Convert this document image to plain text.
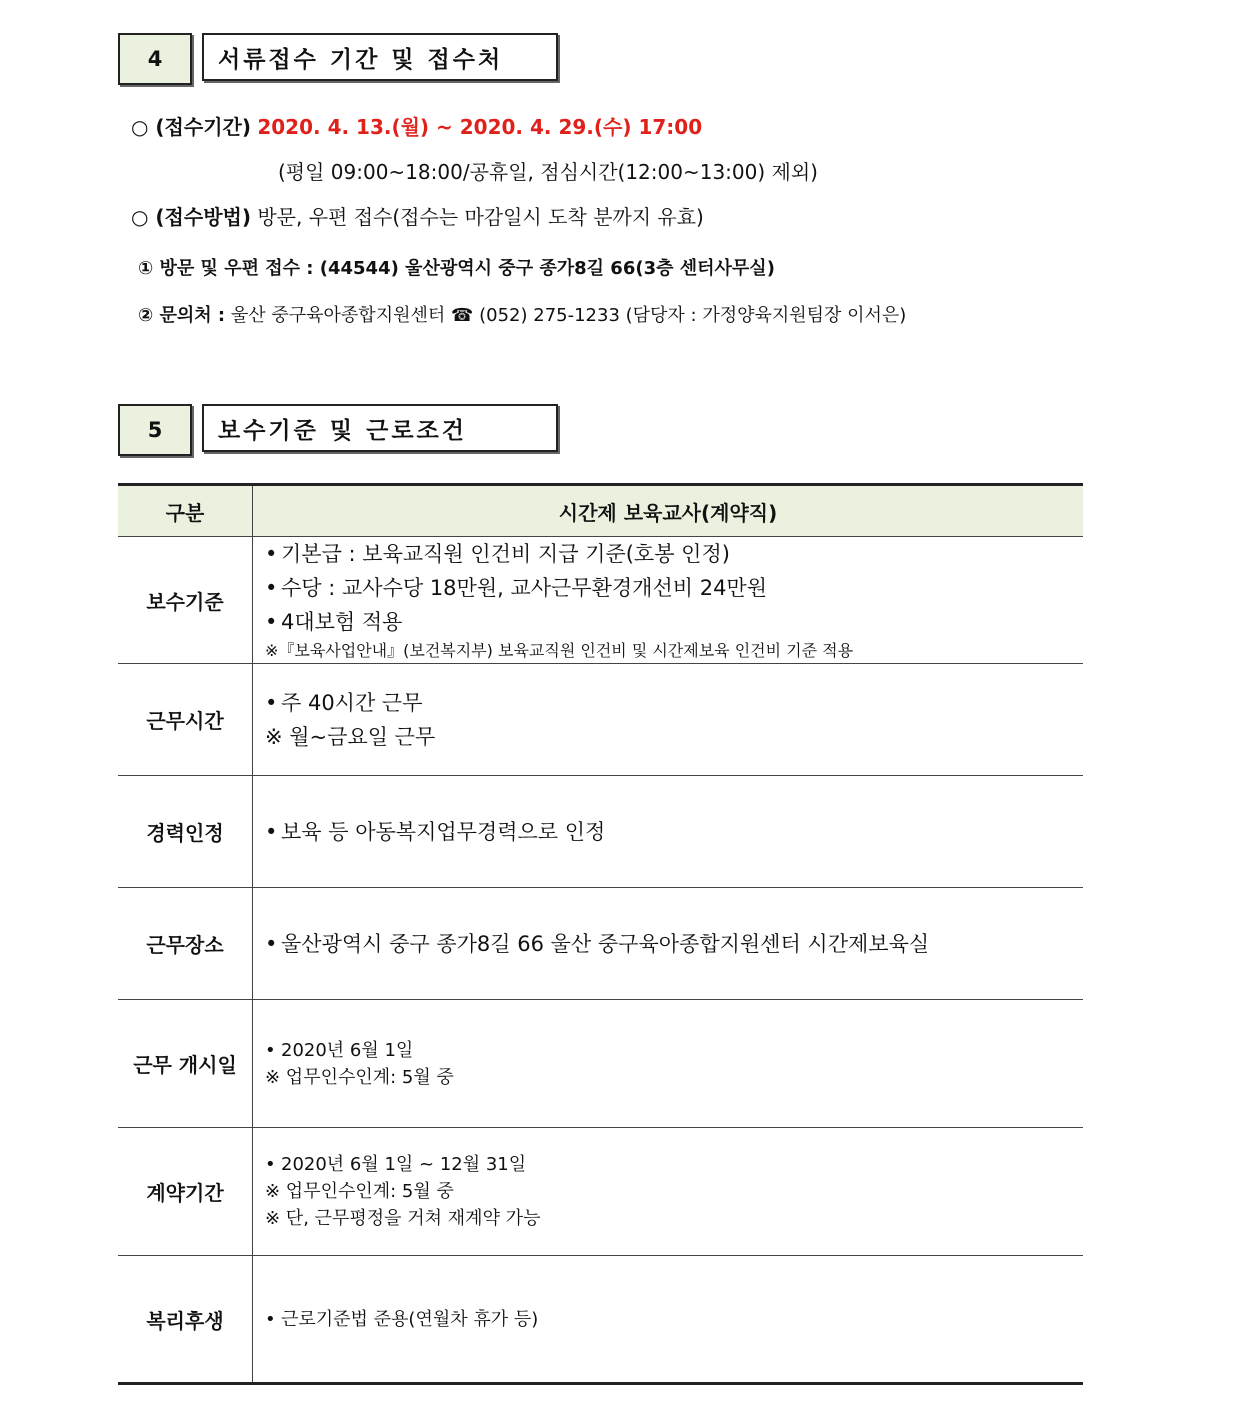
4	서류접수 기간 및 접수처
○ (접수기간) 2020. 4. 13.(월) ~ 2020. 4. 29.(수) 17:00
(평일 09:00~18:00/공휴일, 점심시간(12:00~13:00) 제외)
○ (접수방법) 방문, 우편 접수(접수는 마감일시 도착 분까지 유효)
① 방문 및 우편 접수 : (44544) 울산광역시 중구 종가8길 66(3층 센터사무실)
② 문의처 : 울산 중구육아종합지원센터 ☎ (052) 275-1233 (담당자 : 가정양육지원팀장 이서은)
5	보수기준 및 근로조건
구분	시간제 보육교사(계약직)
보수기준	• 기본급 : 보육교직원 인건비 지급 기준(호봉 인정)
• 수당 : 교사수당 18만원, 교사근무환경개선비 24만원
• 4대보험 적용
※『보육사업안내』(보건복지부) 보육교직원 인건비 및 시간제보육 인건비 기준 적용

근무시간	• 주 40시간 근무
※ 월~금요일 근무

경력인정	• 보육 등 아동복지업무경력으로 인정

근무장소	• 울산광역시 중구 종가8길 66 울산 중구육아종합지원센터 시간제보육실

근무 개시일	• 2020년 6월 1일
※ 업무인수인계: 5월 중

계약기간	• 2020년 6월 1일 ~ 12월 31일
※ 업무인수인계: 5월 중
※ 단, 근무평정을 거쳐 재계약 가능

복리후생	• 근로기준법 준용(연월차 휴가 등)
